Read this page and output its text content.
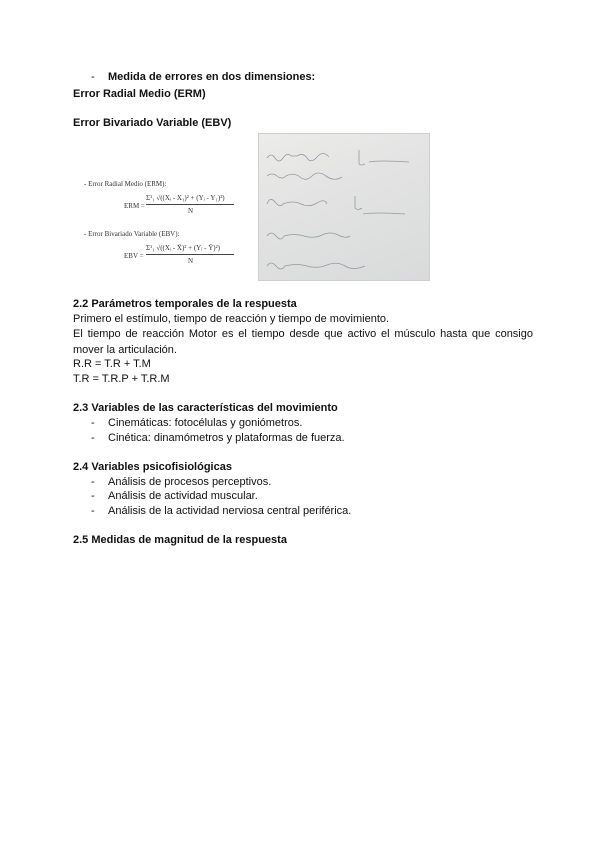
- Medida de errores en dos dimensiones:
Error Radial Medio (ERM)
Error Bivariado Variable (EBV)
- Error Radial Medio (ERM):
ERM =
Σ¹₁ √((Xᵢ - X₁)² + (Yᵢ - Y₁)²)
N
- Error Bivariado Variable (EBV):
EBV =
Σ¹₁ √((Xᵢ - X̄)² + (Yᵢ - Ȳ)²)
N
2.2 Parámetros temporales de la respuesta
Primero el estímulo, tiempo de reacción y tiempo de movimiento.
El tiempo de reacción Motor es el tiempo desde que activo el músculo hasta que consigo mover la articulación.
R.R = T.R + T.M
T.R = T.R.P + T.R.M
2.3 Variables de las características del movimiento
- Cinemáticas: fotocélulas y goniómetros.
- Cinética: dinamómetros y plataformas de fuerza.
2.4 Variables psicofisiológicas
- Análisis de procesos perceptivos.
- Análisis de actividad muscular.
- Análisis de la actividad nerviosa central periférica.
2.5 Medidas de magnitud de la respuesta
